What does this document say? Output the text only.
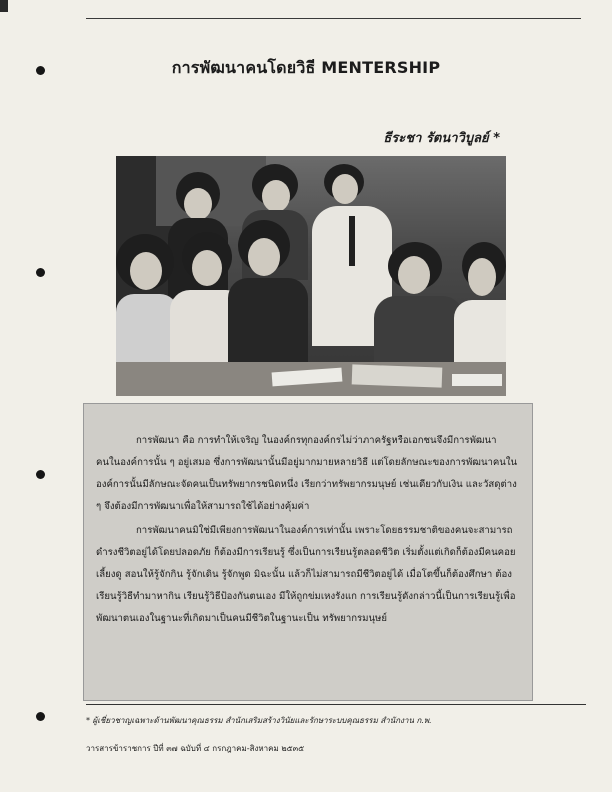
การพัฒนาคนโดยวิธี MENTERSHIP
ธีระชา รัตนาวิบูลย์ *

การพัฒนา คือ การทำให้เจริญ ในองค์กรทุกองค์กรไม่ว่าภาครัฐหรือเอกชนจึงมีการพัฒนาคนในองค์การนั้น ๆ อยู่เสมอ ซึ่งการพัฒนานั้นมีอยู่มากมายหลายวิธี แต่โดยลักษณะของการพัฒนาคนในองค์การนั้นมีลักษณะจัดคนเป็นทรัพยากรชนิดหนึ่ง เรียกว่าทรัพยากรมนุษย์ เช่นเดียวกับเงิน และวัสดุต่าง ๆ จึงต้องมีการพัฒนาเพื่อให้สามารถใช้ได้อย่างคุ้มค่า

การพัฒนาคนมิใช่มีเพียงการพัฒนาในองค์การเท่านั้น เพราะโดยธรรมชาติของคนจะสามารถดำรงชีวิตอยู่ได้โดยปลอดภัย ก็ต้องมีการเรียนรู้ ซึ่งเป็นการเรียนรู้ตลอดชีวิต เริ่มตั้งแต่เกิดก็ต้องมีคนคอยเลี้ยงดู สอนให้รู้จักกิน รู้จักเดิน รู้จักพูด มิฉะนั้น แล้วก็ไม่สามารถมีชีวิตอยู่ได้ เมื่อโตขึ้นก็ต้องศึกษา ต้องเรียนรู้วิธีทำมาหากิน เรียนรู้วิธีป้องกันตนเอง มีให้ถูกข่มเหงรังแก การเรียนรู้ดังกล่าวนี้เป็นการเรียนรู้เพื่อพัฒนาตนเองในฐานะที่เกิดมาเป็นคนมีชีวิตในฐานะเป็น ทรัพยากรมนุษย์

* ผู้เชี่ยวชาญเฉพาะด้านพัฒนาคุณธรรม สำนักเสริมสร้างวินัยและรักษาระบบคุณธรรม สำนักงาน ก.พ.
วารสารข้าราชการ ปีที่ ๓๗ ฉบับที่ ๔ กรกฎาคม-สิงหาคม ๒๕๓๕
